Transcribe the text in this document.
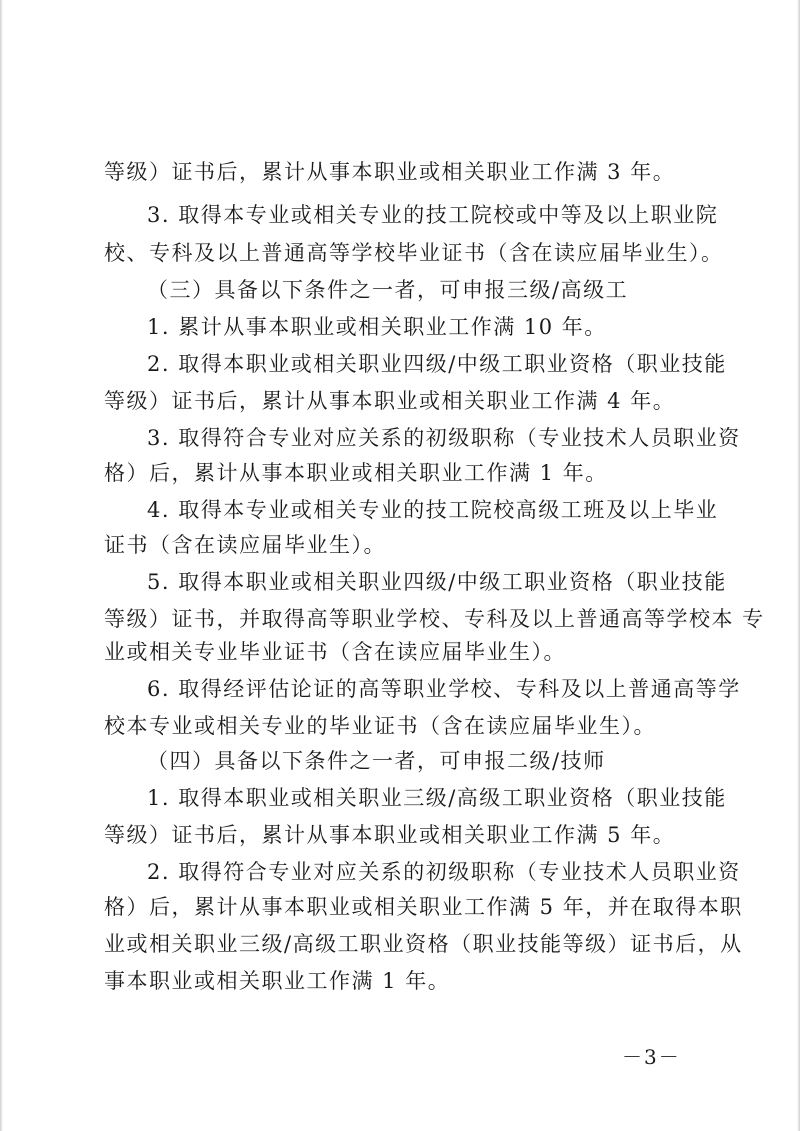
等级）证书后，累计从事本职业或相关职业工作满 3 年。
3. 取得本专业或相关专业的技工院校或中等及以上职业院
校、专科及以上普通高等学校毕业证书（含在读应届毕业生）。
（三）具备以下条件之一者，可申报三级/高级工
1. 累计从事本职业或相关职业工作满 10 年。
2. 取得本职业或相关职业四级/中级工职业资格（职业技能
等级）证书后，累计从事本职业或相关职业工作满 4 年。
3. 取得符合专业对应关系的初级职称（专业技术人员职业资
格）后，累计从事本职业或相关职业工作满 1 年。
4. 取得本专业或相关专业的技工院校高级工班及以上毕业
证书（含在读应届毕业生）。
5. 取得本职业或相关职业四级/中级工职业资格（职业技能
等级）证书，并取得高等职业学校、专科及以上普通高等学校本 专
业或相关专业毕业证书（含在读应届毕业生）。
6. 取得经评估论证的高等职业学校、专科及以上普通高等学
校本专业或相关专业的毕业证书（含在读应届毕业生）。
（四）具备以下条件之一者，可申报二级/技师
1. 取得本职业或相关职业三级/高级工职业资格（职业技能
等级）证书后，累计从事本职业或相关职业工作满 5 年。
2. 取得符合专业对应关系的初级职称（专业技术人员职业资
格）后，累计从事本职业或相关职业工作满 5 年，并在取得本职
业或相关职业三级/高级工职业资格（职业技能等级）证书后，从
事本职业或相关职业工作满 1 年。
－3－
